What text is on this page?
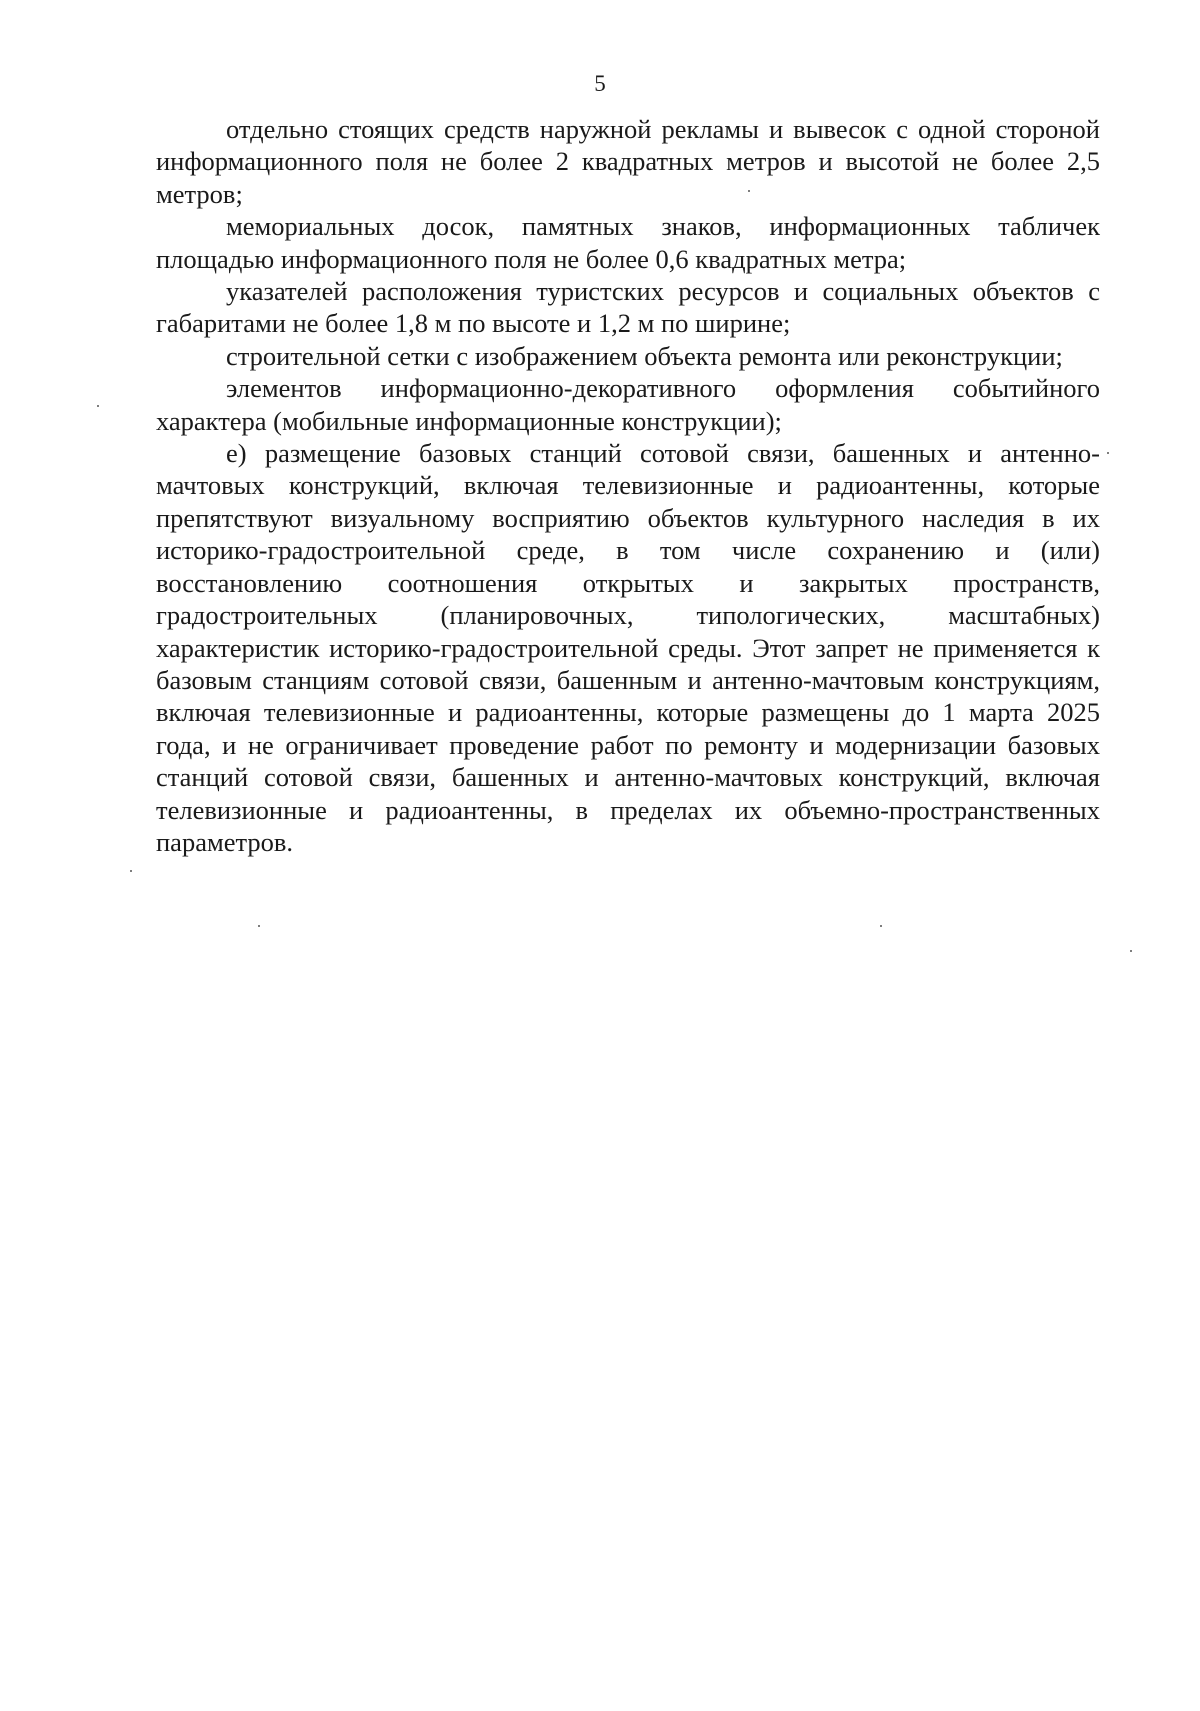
5

отдельно стоящих средств наружной рекламы и вывесок с одной стороной информационного поля не более 2 квадратных метров и высотой не более 2,5 метров;

мемориальных досок, памятных знаков, информационных табличек площадью информационного поля не более 0,6 квадратных метра;

указателей расположения туристских ресурсов и социальных объектов с габаритами не более 1,8 м по высоте и 1,2 м по ширине;

строительной сетки с изображением объекта ремонта или реконструкции;

элементов информационно-декоративного оформления событийного характера (мобильные информационные конструкции);

е) размещение базовых станций сотовой связи, башенных и антенно-мачтовых конструкций, включая телевизионные и радиоантенны, которые препятствуют визуальному восприятию объектов культурного наследия в их историко-градостроительной среде, в том числе сохранению и (или) восстановлению соотношения открытых и закрытых пространств, градостроительных (планировочных, типологических, масштабных) характеристик историко-градостроительной среды. Этот запрет не применяется к базовым станциям сотовой связи, башенным и антенно-мачтовым конструкциям, включая телевизионные и радиоантенны, которые размещены до 1 марта 2025 года, и не ограничивает проведение работ по ремонту и модернизации базовых станций сотовой связи, башенных и антенно-мачтовых конструкций, включая телевизионные и радиоантенны, в пределах их объемно-пространственных параметров.
